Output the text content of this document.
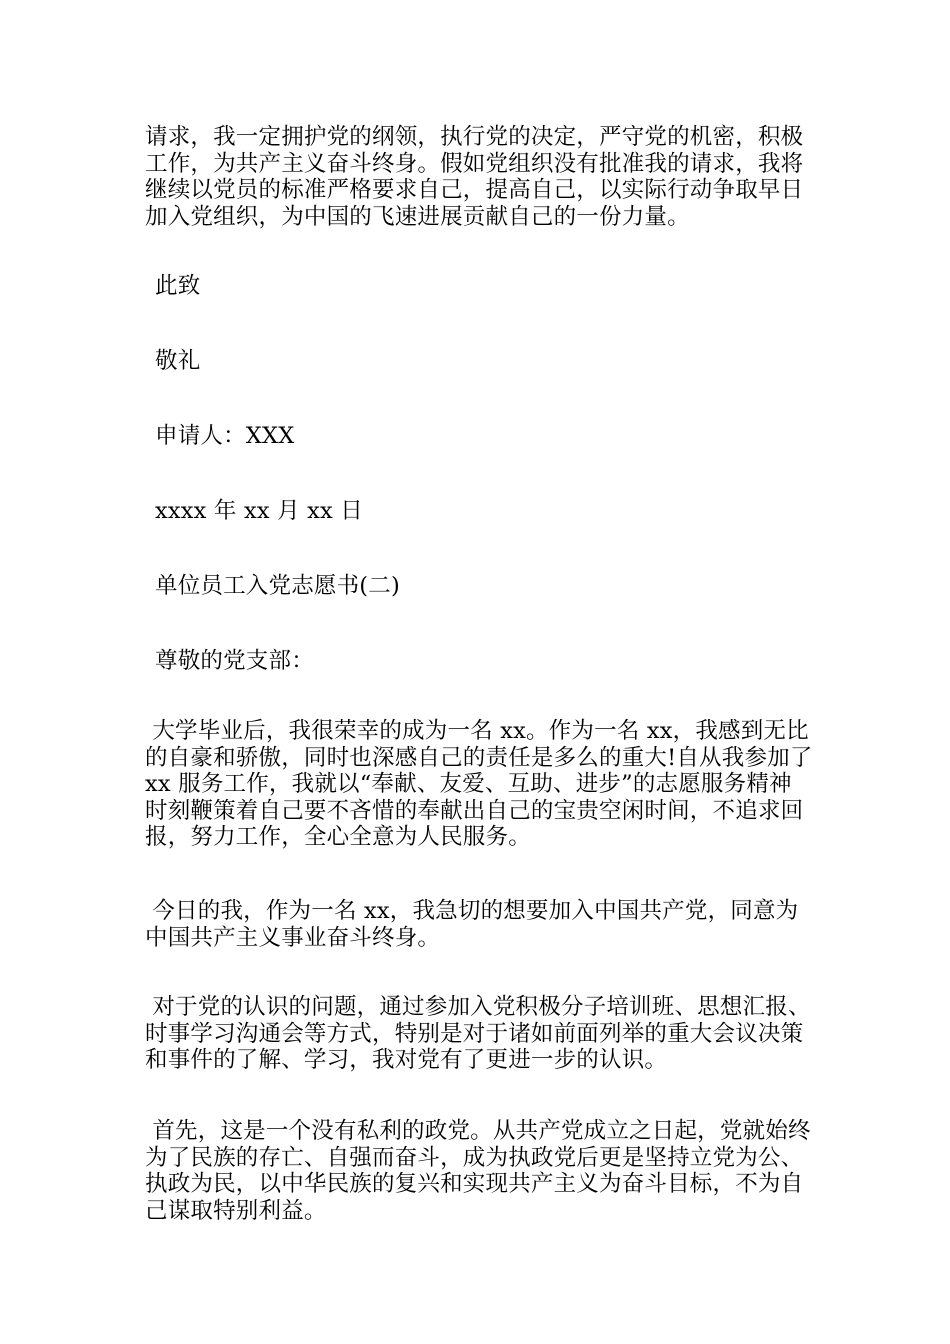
请求，我一定拥护党的纲领，执行党的决定，严守党的机密，积极
工作，为共产主义奋斗终身。假如党组织没有批准我的请求，我将
继续以党员的标准严格要求自己，提高自己，以实际行动争取早日
加入党组织，为中国的飞速进展贡献自己的一份力量。
此致
敬礼
申请人：XXX
xxxx 年 xx 月 xx 日
单位员工入党志愿书(二)
尊敬的党支部：
大学毕业后，我很荣幸的成为一名 xx。作为一名 xx，我感到无比
的自豪和骄傲，同时也深感自己的责任是多么的重大!自从我参加了
xx 服务工作，我就以“奉献、友爱、互助、进步”的志愿服务精神
时刻鞭策着自己要不吝惜的奉献出自己的宝贵空闲时间，不追求回
报，努力工作，全心全意为人民服务。
今日的我，作为一名 xx，我急切的想要加入中国共产党，同意为
中国共产主义事业奋斗终身。
对于党的认识的问题，通过参加入党积极分子培训班、思想汇报、
时事学习沟通会等方式，特别是对于诸如前面列举的重大会议决策
和事件的了解、学习，我对党有了更进一步的认识。
首先，这是一个没有私利的政党。从共产党成立之日起，党就始终
为了民族的存亡、自强而奋斗，成为执政党后更是坚持立党为公、
执政为民，以中华民族的复兴和实现共产主义为奋斗目标，不为自
己谋取特别利益。
